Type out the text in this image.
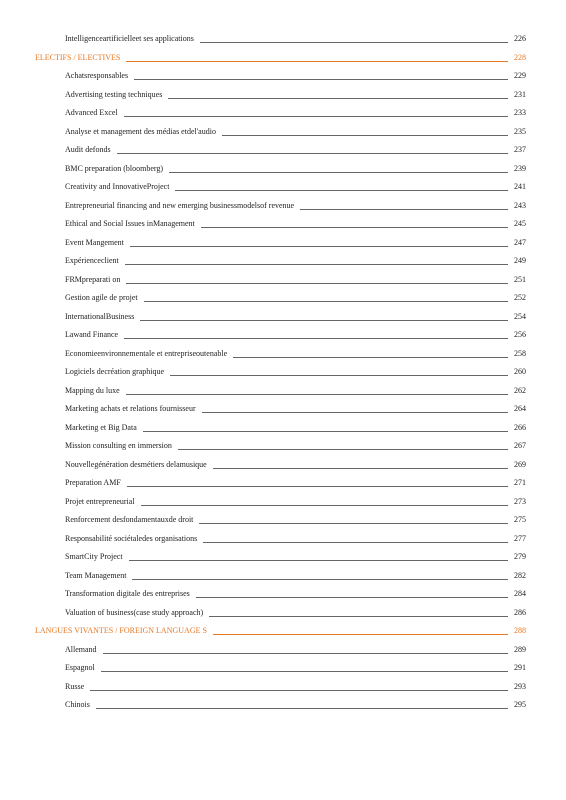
Intelligenceartificielleet ses applications	226
ELECTIFS / ELECTIVES	228
Achatsresponsables	229
Advertising testing techniques	231
Advanced Excel	233
Analyse et management des médias etdel'audio	235
Audit defonds	237
BMC preparation (bloomberg)	239
Creativity and InnovativeProject	241
Entrepreneurial financing and new emerging businessmodelsof revenue	243
Ethical and Social Issues inManagement	245
Event Mangement	247
Expérienceclient	249
FRMpreparati on	251
Gestion agile de projet	252
InternationalBusiness	254
Lawand Finance	256
Economieenvironnementale et entrepriseoutenable	258
Logiciels decréation graphique	260
Mapping du luxe	262
Marketing achats et relations fournisseur	264
Marketing et Big Data	266
Mission consulting en immersion	267
Nouvellegénération desmétiers delamusique	269
Preparation AMF	271
Projet entrepreneurial	273
Renforcement desfondamentauxde droit	275
Responsabilité sociétaledes organisations	277
SmartCity Project	279
Team Management	282
Transformation digitale des entreprises	284
Valuation of business(case study approach)	286
LANGUES VIVANTES / FOREIGN LANGUAGE S	288
Allemand	289
Espagnol	291
Russe	293
Chinois	295
